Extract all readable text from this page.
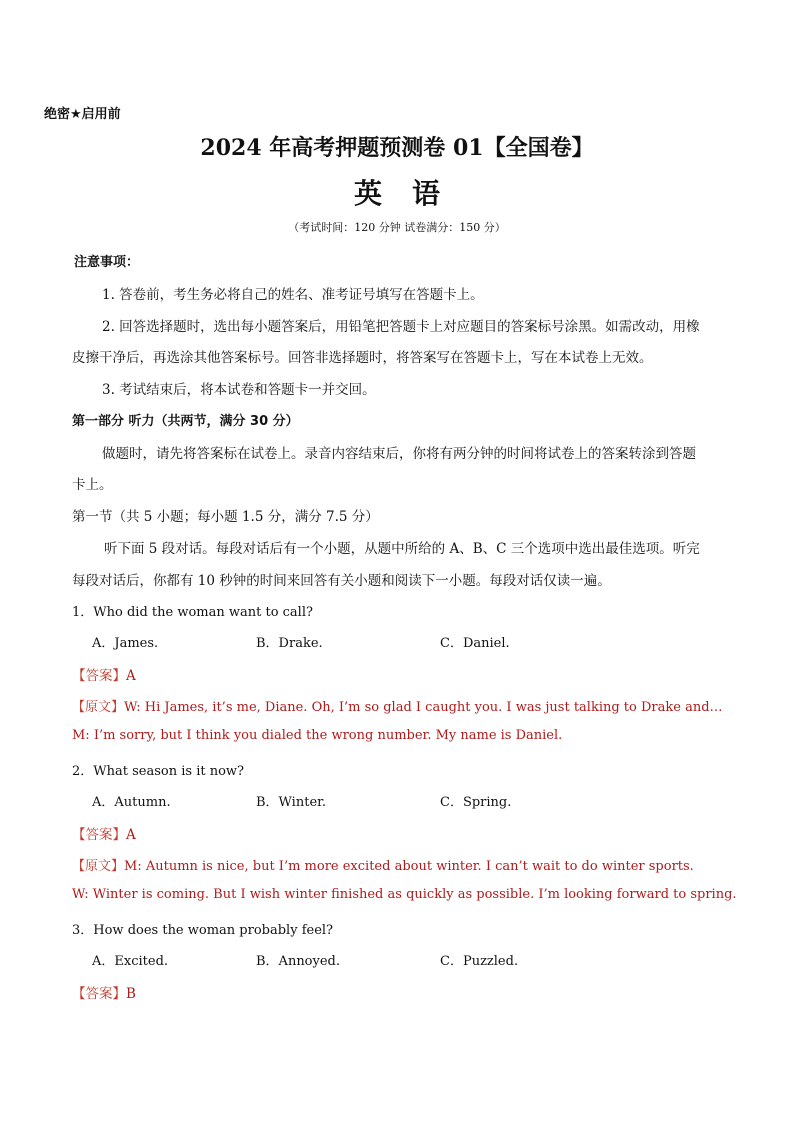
绝密★启用前
2024 年高考押题预测卷 01【全国卷】
英语
（考试时间：120 分钟 试卷满分：150 分）
注意事项：
1. 答卷前，考生务必将自己的姓名、准考证号填写在答题卡上。
2. 回答选择题时，选出每小题答案后，用铅笔把答题卡上对应题目的答案标号涂黑。如需改动，用橡
皮擦干净后，再选涂其他答案标号。回答非选择题时，将答案写在答题卡上，写在本试卷上无效。
3. 考试结束后，将本试卷和答题卡一并交回。
第一部分 听力（共两节，满分 30 分）
做题时，请先将答案标在试卷上。录音内容结束后，你将有两分钟的时间将试卷上的答案转涂到答题
卡上。
第一节（共 5 小题；每小题 1.5 分，满分 7.5 分）
听下面 5 段对话。每段对话后有一个小题，从题中所给的 A、B、C 三个选项中选出最佳选项。听完
每段对话后，你都有 10 秒钟的时间来回答有关小题和阅读下一小题。每段对话仅读一遍。
1．Who did the woman want to call?
A．James.	B．Drake.	C．Daniel.
【答案】A
【原文】W: Hi James, it’s me, Diane. Oh, I’m so glad I caught you. I was just talking to Drake and…
M: I’m sorry, but I think you dialed the wrong number. My name is Daniel.
2．What season is it now?
A．Autumn.	B．Winter.	C．Spring.
【答案】A
【原文】M: Autumn is nice, but I’m more excited about winter. I can’t wait to do winter sports.
W: Winter is coming. But I wish winter finished as quickly as possible. I’m looking forward to spring.
3．How does the woman probably feel?
A．Excited.	B．Annoyed.	C．Puzzled.
【答案】B
